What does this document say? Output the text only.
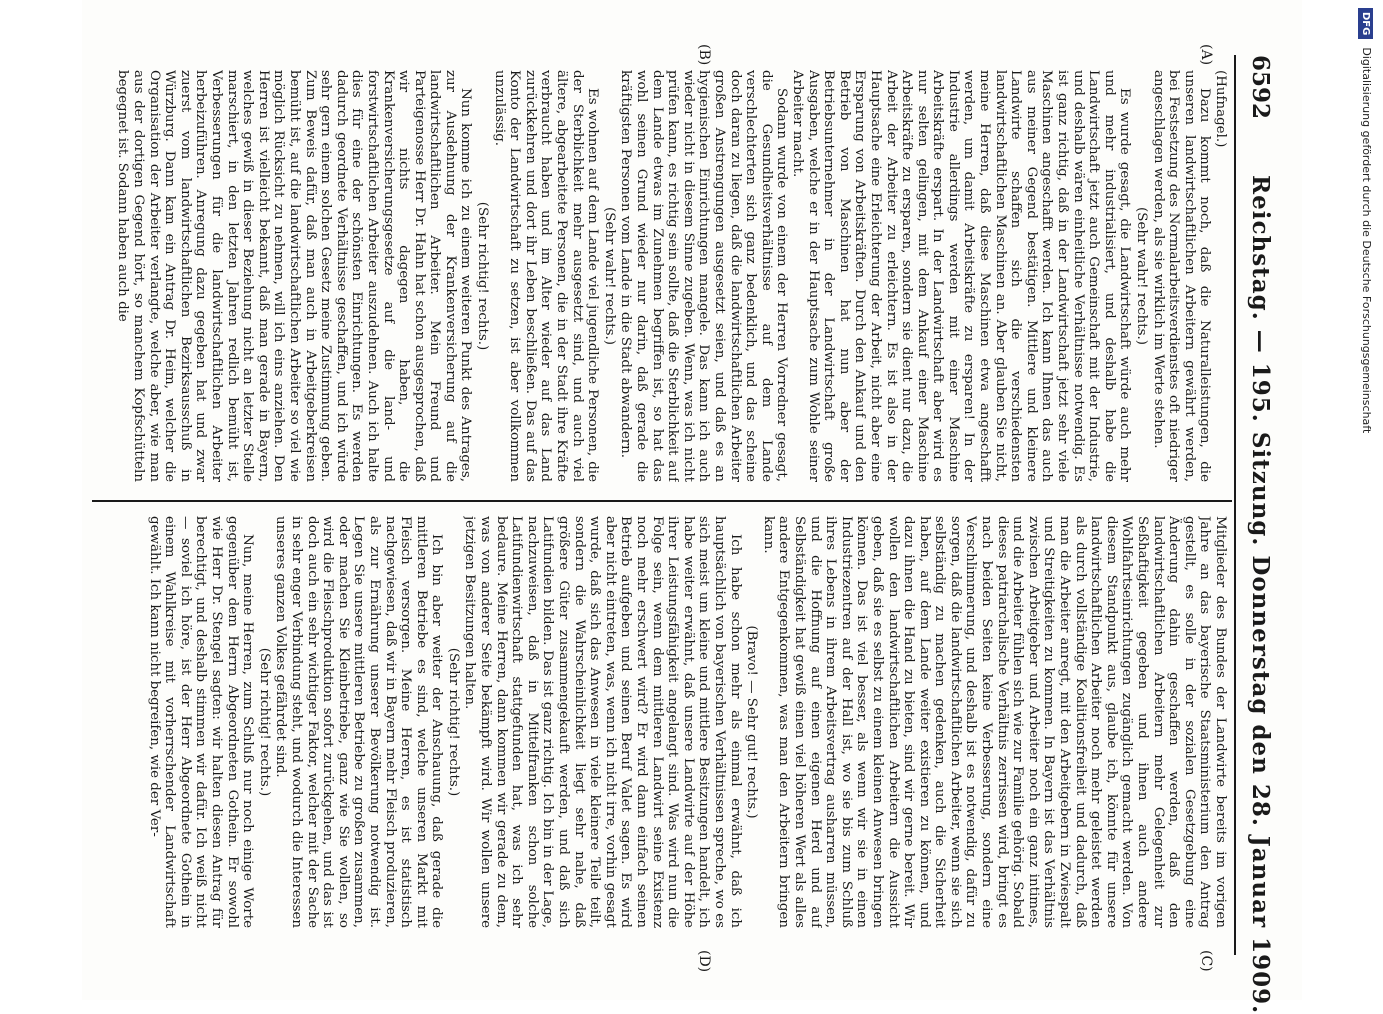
6592
Reichstag. — 195. Sitzung. Donnerstag den 28. Januar 1909.
(A)
(B)
(C)
(D)

(Hufnagel.)

Dazu kommt noch, daß die Naturalleistungen, die unseren landwirtschaftlichen Arbeitern gewährt werden, bei Festsetzung des Normalarbeitsverdienstes oft niedriger angeschlagen werden, als sie wirklich im Werte stehen.

(Sehr wahr! rechts.)

Es wurde gesagt, die Landwirtschaft würde auch mehr und mehr industrialisiert, und deshalb habe die Landwirtschaft jetzt auch Gemeinschaft mit der Industrie, und deshalb wären einheitliche Verhältnisse notwendig. Es ist ganz richtig, daß in der Landwirtschaft jetzt sehr viele Maschinen angeschafft werden. Ich kann Ihnen das auch aus meiner Gegend bestätigen. Mittlere und kleinere Landwirte schaffen sich die verschiedensten landwirtschaftlichen Maschinen an. Aber glauben Sie nicht, meine Herren, daß diese Maschinen etwa angeschafft werden, um damit Arbeitskräfte zu ersparen! In der Industrie allerdings werden mit einer Maschine Arbeitskräfte erspart. In der Landwirtschaft aber wird es nur selten gelingen, mit dem Ankauf einer Maschine Arbeitskräfte zu ersparen, sondern sie dient nur dazu, die Arbeit der Arbeiter zu erleichtern. Es ist also in der Hauptsache eine Erleichterung der Arbeit, nicht aber eine Ersparung von Arbeitskräften. Durch den Ankauf und den Betrieb von Maschinen hat nun aber der Betriebsunternehmer in der Landwirtschaft große Ausgaben, welche er in der Hauptsache zum Wohle seiner Arbeiter macht.

Sodann wurde von einem der Herren Vorredner gesagt, die Gesundheitsverhältnisse auf dem Lande verschlechterten sich ganz bedenklich, und das scheine doch daran zu liegen, daß die landwirtschaftlichen Arbeiter großen Anstrengungen ausgesetzt seien, und daß es an hygienischen Einrichtungen mangele. Das kann ich auch wieder nicht in diesem Sinne zugeben. Wenn, was ich nicht prüfen kann, es richtig sein sollte, daß die Sterblichkeit auf dem Lande etwas im Zunehmen begriffen ist, so hat das wohl seinen Grund wieder nur darin, daß gerade die kräftigsten Personen vom Lande in die Stadt abwandern.

(Sehr wahr! rechts.)

Es wohnen auf dem Lande viel jugendliche Personen, die der Sterblichkeit mehr ausgesetzt sind, und auch viel ältere, abgearbeitete Personen, die in der Stadt ihre Kräfte verbraucht haben und im Alter wieder auf das Land zurückkehren und dort ihr Leben beschließen. Das auf das Konto der Landwirtschaft zu setzen, ist aber vollkommen unzulässig.

(Sehr richtig! rechts.)

Nun komme ich zu einem weiteren Punkt des Antrages, zur Ausdehnung der Krankenversicherung auf die landwirtschaftlichen Arbeiter. Mein Freund und Parteigenosse Herr Dr. Hahn hat schon ausgesprochen, daß wir nichts dagegen haben, die Krankenversicherungsgesetze auf die land- und forstwirtschaftlichen Arbeiter auszudehnen. Auch ich halte dies für eine der schönsten Einrichtungen. Es werden dadurch geordnete Verhältnisse geschaffen, und ich würde sehr gern einem solchen Gesetz meine Zustimmung geben. Zum Beweis dafür, daß man auch in Arbeitgeberkreisen bemüht ist, auf die landwirtschaftlichen Arbeiter so viel wie möglich Rücksicht zu nehmen, will ich eins anziehen. Den Herren ist vielleicht bekannt, daß man gerade in Bayern, welches gewiß in dieser Beziehung nicht an letzter Stelle marschiert, in den letzten Jahren redlich bemüht ist, Verbesserungen für die landwirtschaftlichen Arbeiter herbeizuführen. Anregung dazu gegeben hat und zwar zuerst vom landwirtschaftlichen Bezirksausschuß in Würzburg. Dann kam ein Antrag Dr. Heim, welcher die Organisation der Arbeiter verlangte, welche aber, wie man aus der dortigen Gegend hört, so manchem Kopfschütteln begegnet ist. Sodann haben auch die

Mitglieder des Bundes der Landwirte bereits im vorigen Jahre an das bayerische Staatsministerium den Antrag gestellt, es solle in der sozialen Gesetzgebung eine Änderung dahin geschaffen werden, daß den landwirtschaftlichen Arbeitern mehr Gelegenheit zur Seßhaftigkeit gegeben und ihnen auch andere Wohlfahrtseinrichtungen zugänglich gemacht werden. Von diesem Standpunkt aus, glaube ich, könnte für unsere landwirtschaftlichen Arbeiter noch mehr geleistet werden als durch vollständige Koalitionsfreiheit und dadurch, daß man die Arbeiter anregt, mit den Arbeitgebern in Zwiespalt und Streitigkeiten zu kommen. In Bayern ist das Verhältnis zwischen Arbeitgeber und Arbeiter noch ein ganz intimes, und die Arbeiter fühlen sich wie zur Familie gehörig. Sobald dieses patriarchalische Verhältnis zerrissen wird, bringt es nach beiden Seiten keine Verbesserung, sondern eine Verschlimmerung, und deshalb ist es notwendig, dafür zu sorgen, daß die landwirtschaftlichen Arbeiter, wenn sie sich selbständig zu machen gedenken, auch die Sicherheit haben, auf dem Lande weiter existieren zu können, und dazu ihnen die Hand zu bieten, sind wir gerne bereit. Wir wollen den landwirtschaftlichen Arbeitern die Aussicht geben, daß sie es selbst zu einem kleinen Anwesen bringen können. Das ist viel besser, als wenn wir sie in einen Industriezentren auf der Hall ist, wo sie bis zum Schluß ihres Lebens in ihrem Arbeitsvertrag ausharren müssen, und die Hoffnung auf einen eigenen Herd und auf Selbständigkeit hat gewiß einen viel höheren Wert als alles andere Entgegenkommen, was man den Arbeitern bringen kann.

(Bravo! — Sehr gut! rechts.)

Ich habe schon mehr als einmal erwähnt, daß ich hauptsächlich von bayerischen Verhältnissen spreche, wo es sich meist um kleine und mittlere Besitzungen handelt, ich habe weiter erwähnt, daß unsere Landwirte auf der Höhe ihrer Leistungsfähigkeit angelangt sind. Was wird nun die Folge sein, wenn dem mittleren Landwirt seine Existenz noch mehr erschwert wird? Er wird dann einfach seinen Betrieb aufgeben und seinen Beruf Valet sagen. Es wird aber nicht eintreten, was, wenn ich nicht irre, vorhin gesagt wurde, daß sich das Anwesen in viele kleinere Teile teilt, sondern die Wahrscheinlichkeit liegt sehr nahe, daß größere Güter zusammengekauft werden, und daß sich Latifundien bilden. Das ist ganz richtig. Ich bin in der Lage, nachzuweisen, daß in Mittelfranken schon solche Latifundienwirtschaft stattgefunden hat, was ich sehr bedaure. Meine Herren, dann kommen wir gerade zu dem, was von anderer Seite bekämpft wird. Wir wollen unsere jetzigen Besitzungen halten.

(Sehr richtig! rechts.)

Ich bin aber weiter der Anschauung, daß gerade die mittleren Betriebe es sind, welche unseren Markt mit Fleisch versorgen. Meine Herren, es ist statistisch nachgewiesen, daß wir in Bayern mehr Fleisch produzieren, als zur Ernährung unserer Bevölkerung notwendig ist. Legen Sie unsere mittleren Betriebe zu großen zusammen, oder machen Sie Kleinbetriebe, ganz wie Sie wollen, so wird die Fleischproduktion sofort zurückgehen, und das ist doch auch ein sehr wichtiger Faktor, welcher mit der Sache in sehr enger Verbindung steht, und wodurch die Interessen unseres ganzen Volkes gefährdet sind.

(Sehr richtig! rechts.)

Nun, meine Herren, zum Schluß nur noch einige Worte gegenüber dem Herrn Abgeordneten Gothein. Er sowohl wie Herr Dr. Stengel sagten: wir halten diesen Antrag für berechtigt, und deshalb stimmen wir dafür. Ich weiß nicht — soviel ich höre, ist der Herr Abgeordnete Gothein in einem Wahlkreise mit vorherrschender Landwirtschaft gewählt. Ich kann nicht begreifen, wie der Ver-

DFGDigitalisierung gefördert durch die Deutsche Forschungsgemeinschaft
